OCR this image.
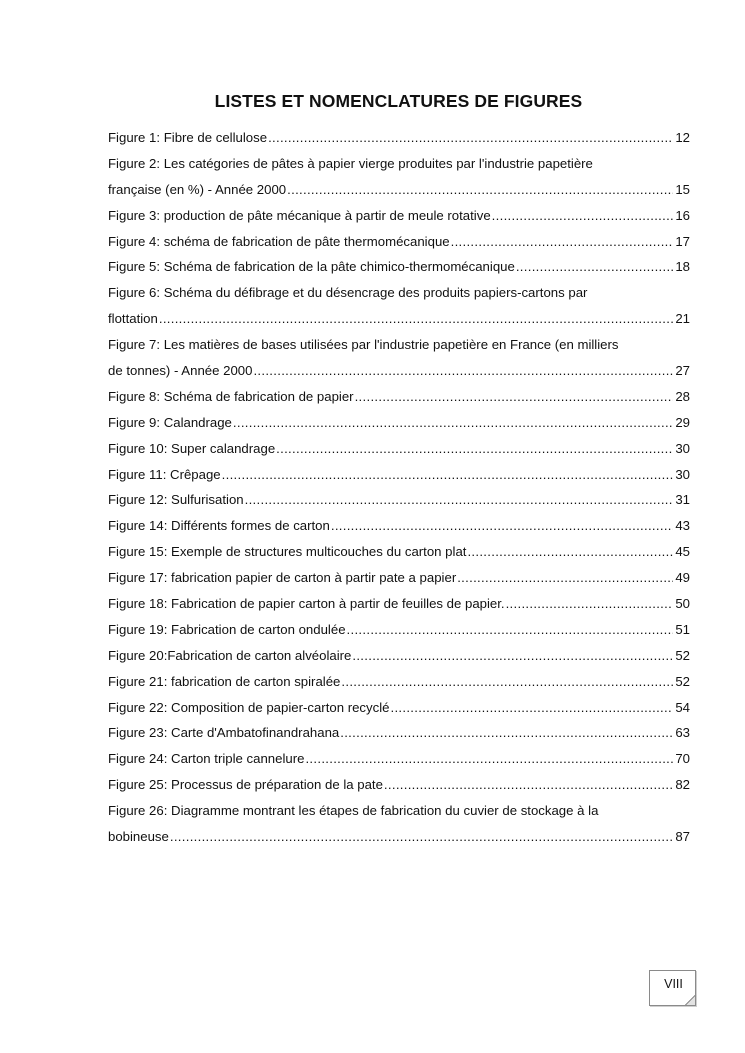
LISTES ET NOMENCLATURES DE FIGURES
Figure 1: Fibre de cellulose .....	12
Figure 2: Les catégories de pâtes à papier vierge produites par l'industrie papetière
française (en %) - Année 2000 .....	15
Figure 3: production de pâte mécanique à partir de meule rotative .....	16
Figure 4: schéma de fabrication de pâte thermomécanique .....	17
Figure 5: Schéma de fabrication de la pâte chimico-thermomécanique .....	18
Figure 6: Schéma du défibrage et du désencrage des produits papiers-cartons par
flottation .....	21
Figure 7: Les matières de bases utilisées par l'industrie papetière en France (en milliers
de tonnes) - Année 2000 .....	27
Figure 8: Schéma de fabrication de papier .....	28
Figure 9: Calandrage .....	29
Figure 10: Super calandrage .....	30
Figure 11: Crêpage .....	30
Figure 12: Sulfurisation .....	31
Figure 14: Différents formes de carton .....	43
Figure 15: Exemple de structures multicouches du carton plat .....	45
Figure 17: fabrication papier de carton à partir pate a papier .....	49
Figure 18: Fabrication de papier carton à partir de feuilles de papier. .....	50
Figure 19: Fabrication de carton ondulée .....	51
Figure 20:Fabrication de carton alvéolaire .....	52
Figure 21: fabrication de carton spiralée .....	52
Figure 22: Composition de papier-carton recyclé .....	54
Figure 23: Carte d'Ambatofinandrahana .....	63
Figure 24: Carton triple cannelure .....	70
Figure 25: Processus de préparation de la pate .....	82
Figure 26: Diagramme montrant les étapes de fabrication du cuvier de stockage à la
bobineuse .....	87
VIII
